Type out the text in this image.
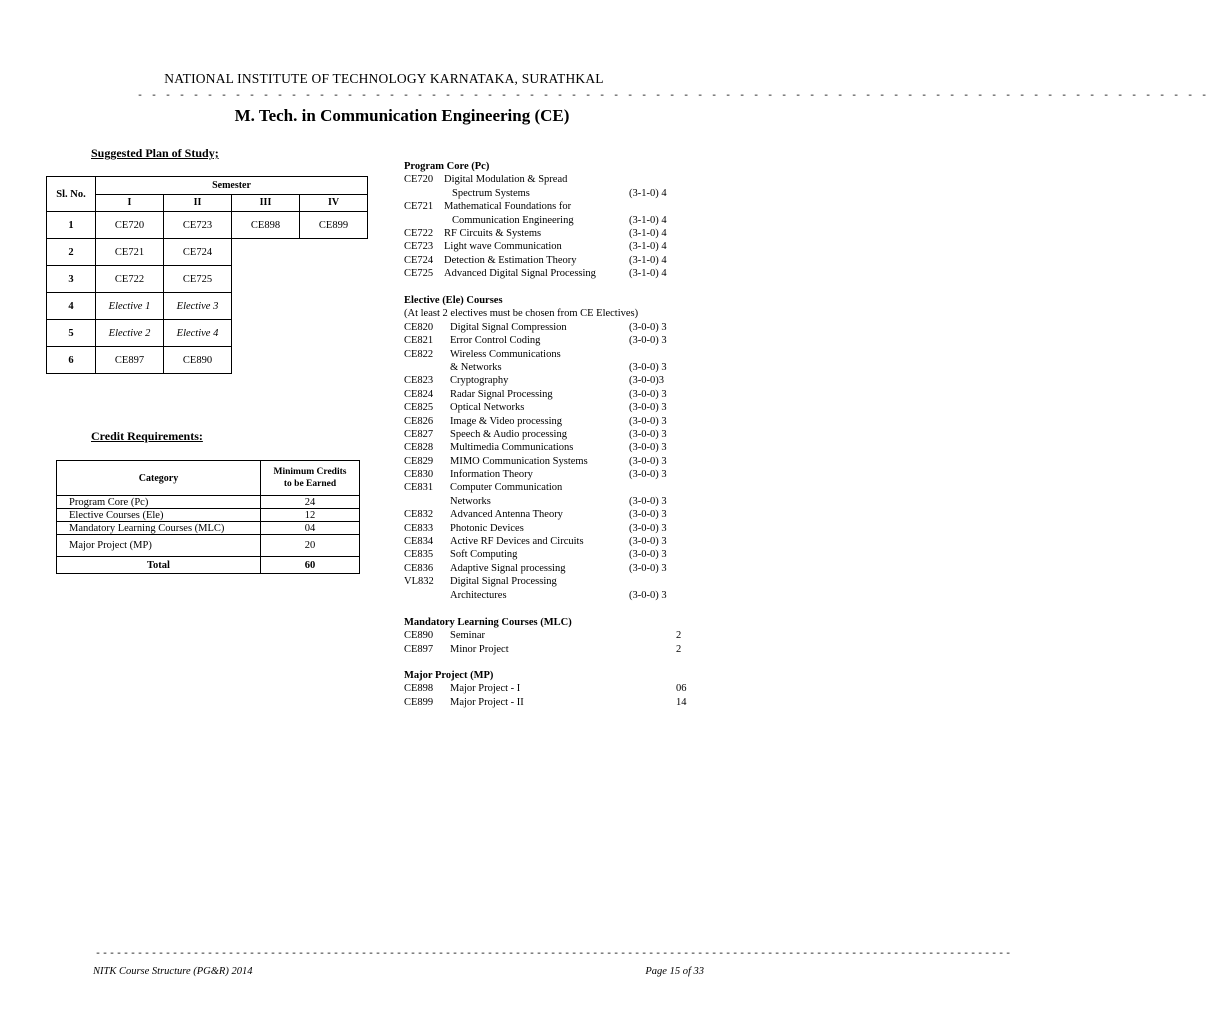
NATIONAL INSTITUTE OF TECHNOLOGY KARNATAKA, SURATHKAL
- - - - - - - - - - - - - - - - - - - - - - - - - - - - - - - - - - - - - - - - - - - - - - - - - - - - - - - - - - - - - - - - - - - - - - - - - - - - -
M. Tech. in Communication Engineering (CE)
Suggested Plan of Study;
Sl. No.	Semester			
	I	II	III	IV
1	CE720	CE723	CE898	CE899
2	CE721	CE724		
3	CE722	CE725		
4	Elective 1	Elective 3		
5	Elective 2	Elective 4		
6	CE897	CE890		
Credit Requirements:
Category	Minimum Credits
to be Earned

Program Core (Pc)	24
Elective Courses (Ele)	12
Mandatory Learning Courses (MLC)	04
Major Project (MP)	20
Total	60
Program Core (Pc)
CE720 Digital Modulation & Spread
Spectrum Systems	(3-1-0) 4
CE721 Mathematical Foundations for
Communication Engineering	(3-1-0) 4
CE722 RF Circuits & Systems	(3-1-0) 4
CE723 Light wave Communication	(3-1-0) 4
CE724 Detection & Estimation Theory	(3-1-0) 4
CE725 Advanced Digital Signal Processing	(3-1-0) 4
Elective (Ele) Courses
(At least 2 electives must be chosen from CE Electives)
CE820 Digital Signal Compression	(3-0-0) 3
CE821 Error Control Coding	(3-0-0) 3
CE822 Wireless Communications
& Networks	(3-0-0) 3
CE823 Cryptography	(3-0-0)3
CE824 Radar Signal Processing	(3-0-0) 3
CE825 Optical Networks	(3-0-0) 3
CE826 Image & Video processing	(3-0-0) 3
CE827 Speech & Audio processing	(3-0-0) 3
CE828 Multimedia Communications	(3-0-0) 3
CE829 MIMO Communication Systems	(3-0-0) 3
CE830 Information Theory	(3-0-0) 3
CE831 Computer Communication
Networks	(3-0-0) 3
CE832 Advanced Antenna Theory	(3-0-0) 3
CE833 Photonic Devices	(3-0-0) 3
CE834 Active RF Devices and Circuits	(3-0-0) 3
CE835 Soft Computing	(3-0-0) 3
CE836 Adaptive Signal processing	(3-0-0) 3
VL832 Digital Signal Processing
Architectures	(3-0-0) 3
Mandatory Learning Courses (MLC)
CE890 Seminar	2
CE897 Minor Project	2
Major Project (MP)
CE898 Major Project - I	06
CE899 Major Project - II	14
-----------------------------------------------------------------------------------------------------------------------------------
NITK Course Structure (PG&R) 2014	Page 15 of 33
